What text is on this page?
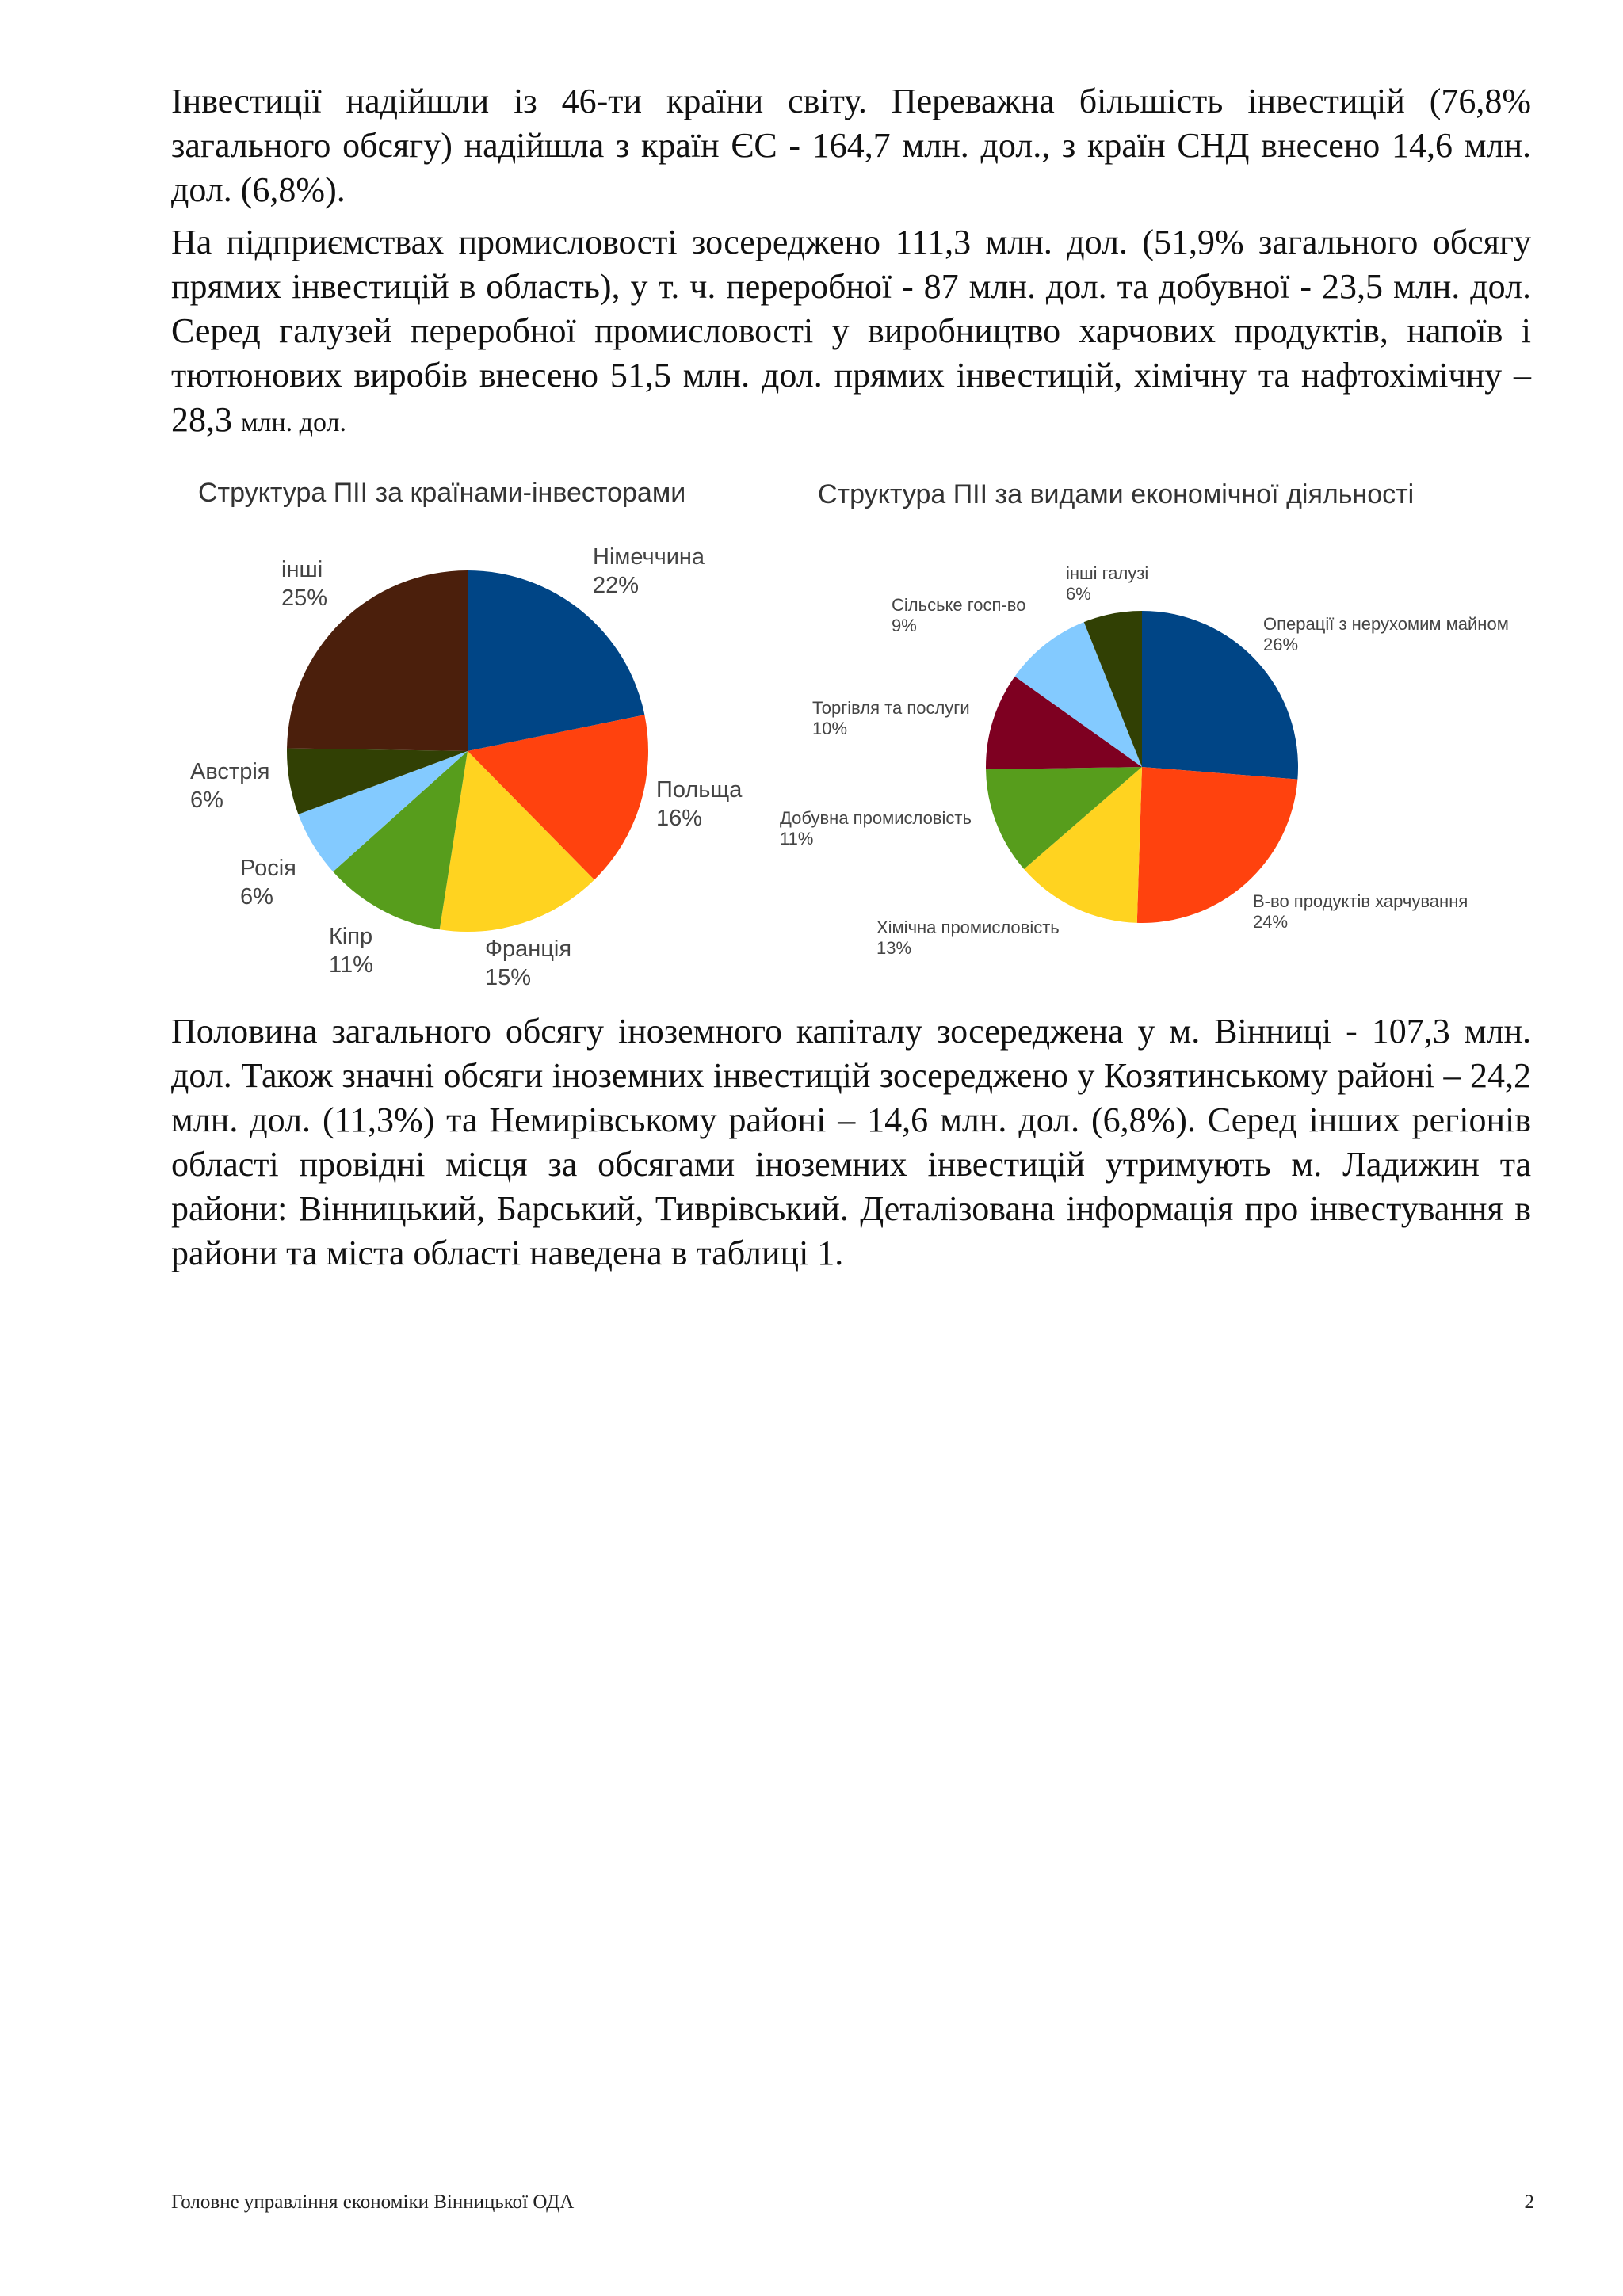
Інвестиції надійшли із 46-ти країни світу. Переважна більшість інвестицій (76,8% загального обсягу) надійшла з країн ЄС - 164,7 млн. дол., з країн СНД внесено 14,6 млн. дол. (6,8%).

На підприємствах промисловості зосереджено 111,3 млн. дол. (51,9% загального обсягу прямих інвестицій в область), у т. ч. переробної - 87 млн. дол. та добувної - 23,5 млн. дол. Серед галузей переробної промисловості у виробництво харчових продуктів, напоїв і тютюнових виробів внесено 51,5 млн. дол. прямих інвестицій, хімічну та нафтохімічну – 28,3 млн. дол.

Структура ПІІ за країнами-інвесторами	Структура ПІІ за видами економічної діяльності

Німеччина
22%
Польща
16%
Франція
15%
Кіпр
11%
Росія
6%
Австрія
6%
інші
25%
Операції з нерухомим майном
26%
В-во продуктів харчування
24%
Хімічна промисловість
13%
Добувна промисловість
11%
Торгівля та послуги
10%
Сільське госп-во
9%
інші галузі
6%

Половина загального обсягу іноземного капіталу зосереджена у м. Вінниці - 107,3 млн. дол. Також значні обсяги іноземних інвестицій зосереджено у Козятинському районі – 24,2 млн. дол. (11,3%) та Немирівському районі – 14,6 млн. дол. (6,8%). Серед інших регіонів області провідні місця за обсягами іноземних інвестицій утримують м. Ладижин та райони: Вінницький, Барський, Тиврівський. Деталізована інформація про інвестування в райони та міста області наведена в таблиці 1.

Головне управління економіки Вінницької ОДА	2
